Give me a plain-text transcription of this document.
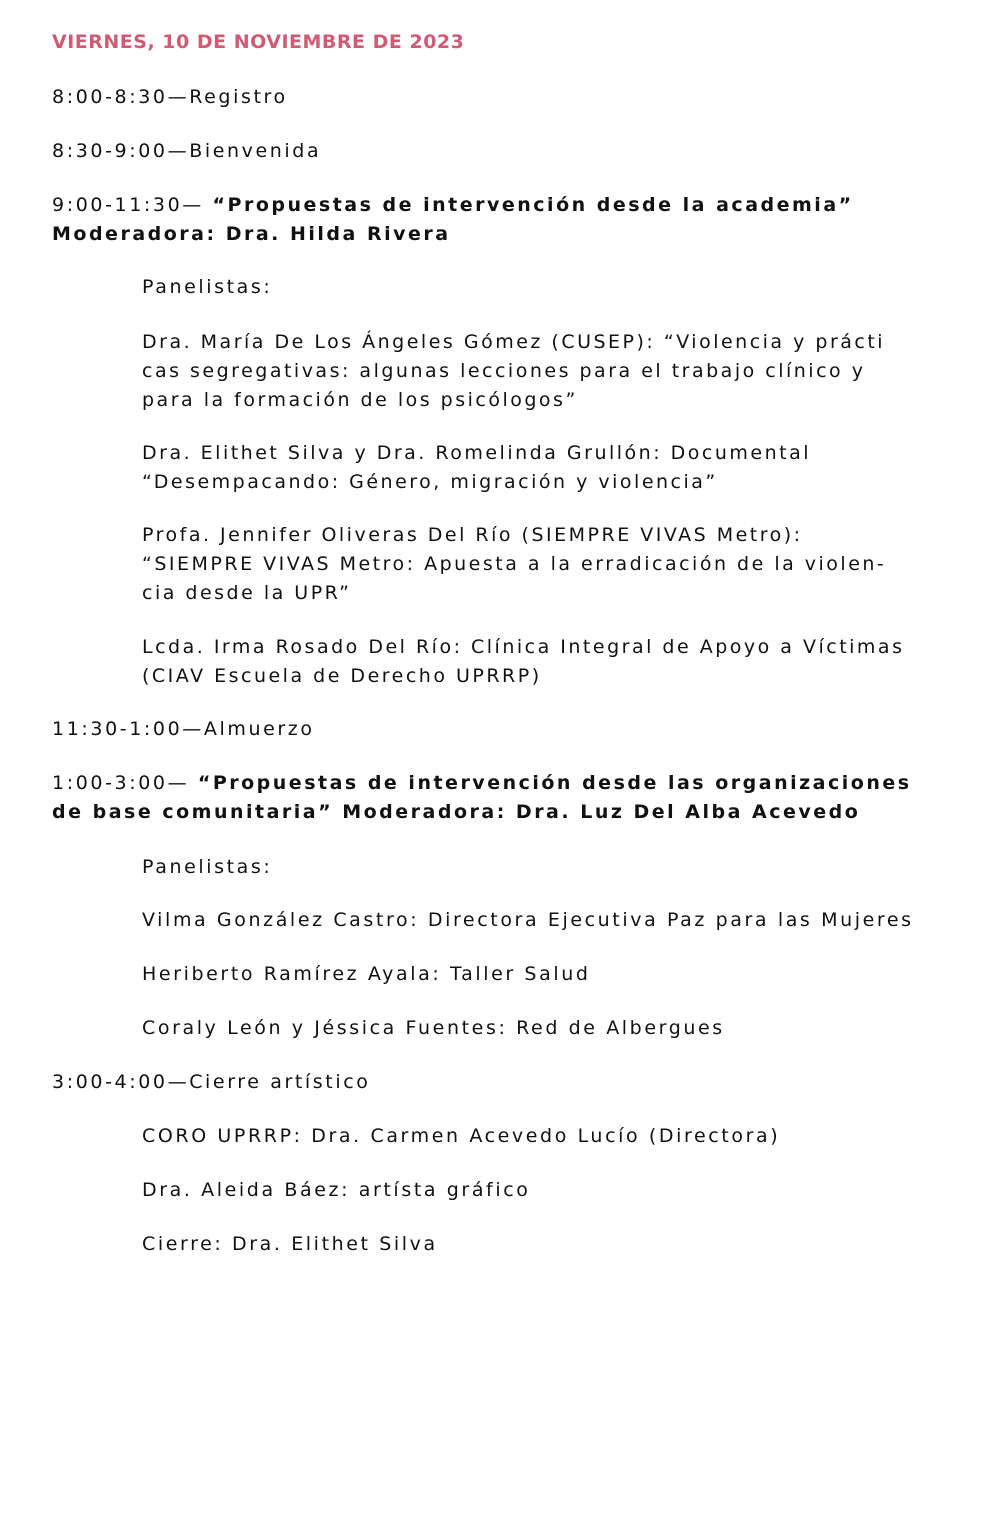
VIERNES, 10 DE NOVIEMBRE DE 2023
8:00-8:30—Registro
8:30-9:00—Bienvenida
9:00-11:30— “Propuestas de intervención desde la academia”
Moderadora: Dra. Hilda Rivera
Panelistas:
Dra. María De Los Ángeles Gómez (CUSEP): “Violencia y prácti
cas segregativas: algunas lecciones para el trabajo clínico y
para la formación de los psicólogos”
Dra. Elithet Silva y Dra. Romelinda Grullón: Documental
“Desempacando: Género, migración y violencia”
Profa. Jennifer Oliveras Del Río (SIEMPRE VIVAS Metro):
“SIEMPRE VIVAS Metro: Apuesta a la erradicación de la violen-
cia desde la UPR”
Lcda. Irma Rosado Del Río: Clínica Integral de Apoyo a Víctimas
(CIAV Escuela de Derecho UPRRP)
11:30-1:00—Almuerzo
1:00-3:00— “Propuestas de intervención desde las organizaciones
de base comunitaria” Moderadora: Dra. Luz Del Alba Acevedo
Panelistas:
Vilma González Castro: Directora Ejecutiva Paz para las Mujeres
Heriberto Ramírez Ayala: Taller Salud
Coraly León y Jéssica Fuentes: Red de Albergues
3:00-4:00—Cierre artístico
CORO UPRRP: Dra. Carmen Acevedo Lucío (Directora)
Dra. Aleida Báez: artísta gráfico
Cierre: Dra. Elithet Silva
